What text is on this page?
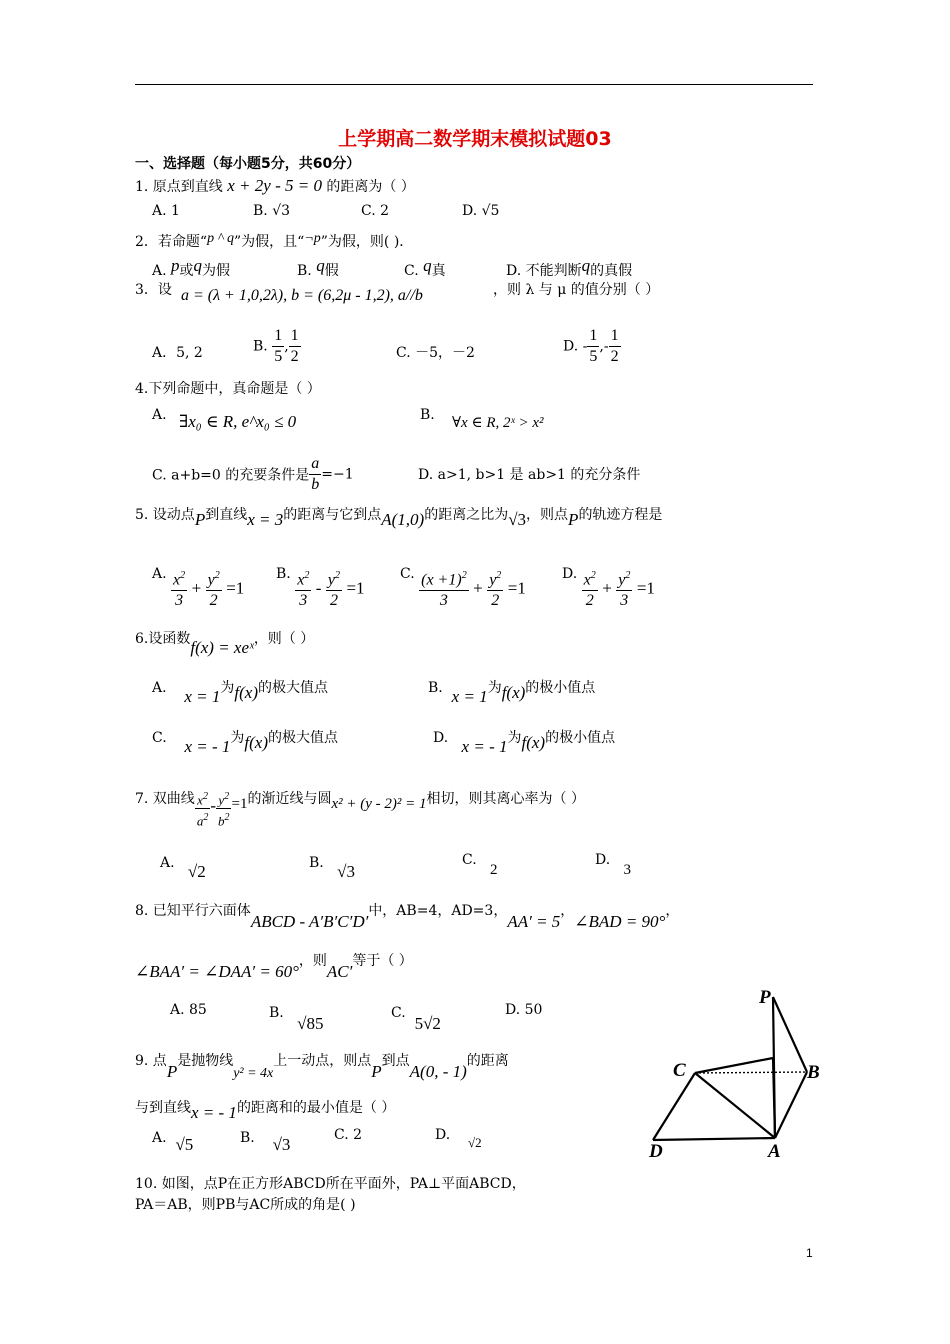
上学期高二数学期末模拟试题03
一、选择题（每小题5分，共60分）
1. 原点到直线 x + 2y - 5 = 0 的距离为（ ）
A. 1	B. √3	C. 2	D. √5
2．若命题“p ^ q”为假，且“¬p”为假，则( )．
A. p或q为假	B. q假	C. q真	D. 不能判断q的真假
3．设 a = (λ + 1,0,2λ), b = (6,2μ - 1,2), a//b	，则 λ 与 μ 的值分别（ ）
A．5, 2	B. $\frac{1}{5}$ , $\frac{1}{2}$	C. －5，－2	D. - $\frac{1}{5}$ ,- $\frac{1}{2}$
4.下列命题中，真命题是（ ）
A. ∃x₀ ∈ R, e^x₀ ≤ 0	B. ∀x ∈ R, 2ˣ > x²
C. a+b=0 的充要条件是 $\frac{a}{b} =-1$	D. a>1, b>1 是 ab>1 的充分条件
5. 设动点P到直线x = 3的距离与它到点A(1,0)的距离之比为√3，则点P的轨迹方程是
A. $\frac{x^2}{3} + \frac{y^2}{2} =1$
B. $\frac{x^2}{3} - \frac{y^2}{2} =1$
C. $\frac{(x +1)^2}{3} + \frac{y^2}{2} =1$
D. $\frac{x^2}{2} + \frac{y^2}{3} =1$
6.设函数f(x) = xeˣ，则（ ）
A. x = 1为f(x)的极大值点	B. x = 1为f(x)的极小值点
C. x = - 1为f(x)的极大值点	D. x = - 1为f(x)的极小值点
7. 双曲线 $\frac{x^2}{a^2} - \frac{y^2}{b^2} =1$的渐近线与圆x² + (y - 2)² = 1相切，则其离心率为（ ）
A. √2	B. √3
C.   2
D.   3
8. 已知平行六面体ABCD - A′B′C′D′中，AB=4，AD=3，AA′ = 5，∠BAD = 90°，
∠BAA′ = ∠DAA′ = 60°，则AC′等于（ ）
A. 85	B.   √85
C.  5√2
D. 50
9. 点P是抛物线y² = 4x上一动点，则点P到点A(0, - 1)的距离
与到直线x = - 1的距离和的最小值是（ ）
A. √5	B. √3	C. 2	D. √2
10. 如图，点P在正方形ABCD所在平面外，PA⊥平面ABCD，
PA＝AB，则PB与AC所成的角是( )
P
B
C
A
D
1
